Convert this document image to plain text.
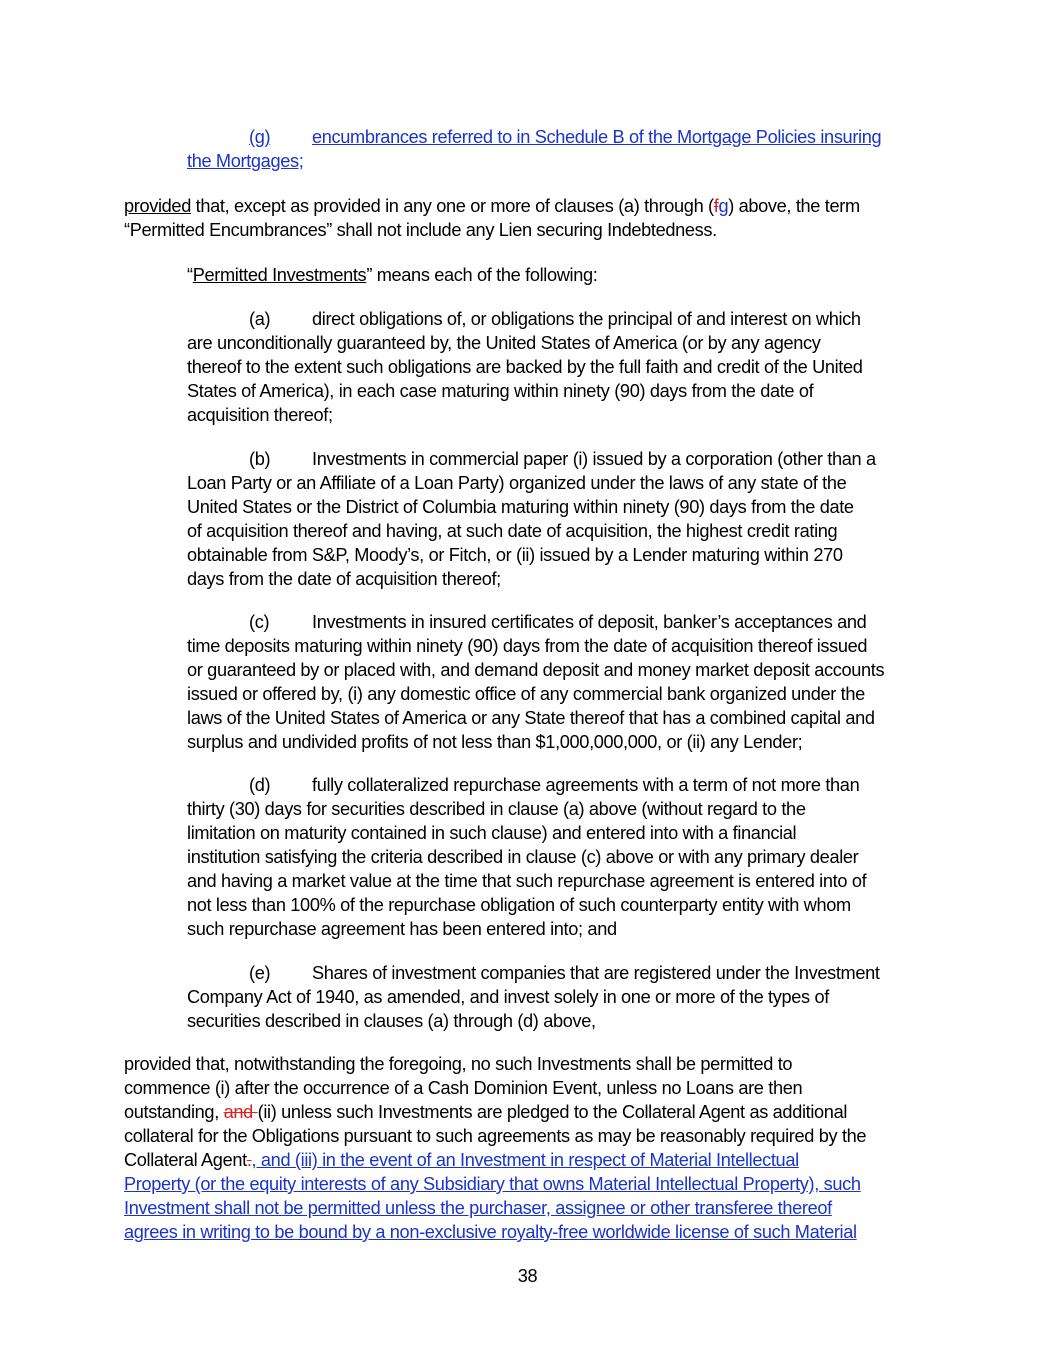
(g) encumbrances referred to in Schedule B of the Mortgage Policies insuring
the Mortgages;
provided that, except as provided in any one or more of clauses (a) through (fg) above, the term
“Permitted Encumbrances” shall not include any Lien securing Indebtedness.
“Permitted Investments” means each of the following:
(a) direct obligations of, or obligations the principal of and interest on which
are unconditionally guaranteed by, the United States of America (or by any agency
thereof to the extent such obligations are backed by the full faith and credit of the United
States of America), in each case maturing within ninety (90) days from the date of
acquisition thereof;
(b) Investments in commercial paper (i) issued by a corporation (other than a
Loan Party or an Affiliate of a Loan Party) organized under the laws of any state of the
United States or the District of Columbia maturing within ninety (90) days from the date
of acquisition thereof and having, at such date of acquisition, the highest credit rating
obtainable from S&P, Moody’s, or Fitch, or (ii) issued by a Lender maturing within 270
days from the date of acquisition thereof;
(c) Investments in insured certificates of deposit, banker’s acceptances and
time deposits maturing within ninety (90) days from the date of acquisition thereof issued
or guaranteed by or placed with, and demand deposit and money market deposit accounts
issued or offered by, (i) any domestic office of any commercial bank organized under the
laws of the United States of America or any State thereof that has a combined capital and
surplus and undivided profits of not less than $1,000,000,000, or (ii) any Lender;
(d) fully collateralized repurchase agreements with a term of not more than
thirty (30) days for securities described in clause (a) above (without regard to the
limitation on maturity contained in such clause) and entered into with a financial
institution satisfying the criteria described in clause (c) above or with any primary dealer
and having a market value at the time that such repurchase agreement is entered into of
not less than 100% of the repurchase obligation of such counterparty entity with whom
such repurchase agreement has been entered into; and
(e) Shares of investment companies that are registered under the Investment
Company Act of 1940, as amended, and invest solely in one or more of the types of
securities described in clauses (a) through (d) above,
provided that, notwithstanding the foregoing, no such Investments shall be permitted to
commence (i) after the occurrence of a Cash Dominion Event, unless no Loans are then
outstanding, and (ii) unless such Investments are pledged to the Collateral Agent as additional
collateral for the Obligations pursuant to such agreements as may be reasonably required by the
Collateral Agent., and (iii) in the event of an Investment in respect of Material Intellectual
Property (or the equity interests of any Subsidiary that owns Material Intellectual Property), such
Investment shall not be permitted unless the purchaser, assignee or other transferee thereof
agrees in writing to be bound by a non-exclusive royalty-free worldwide license of such Material
38
